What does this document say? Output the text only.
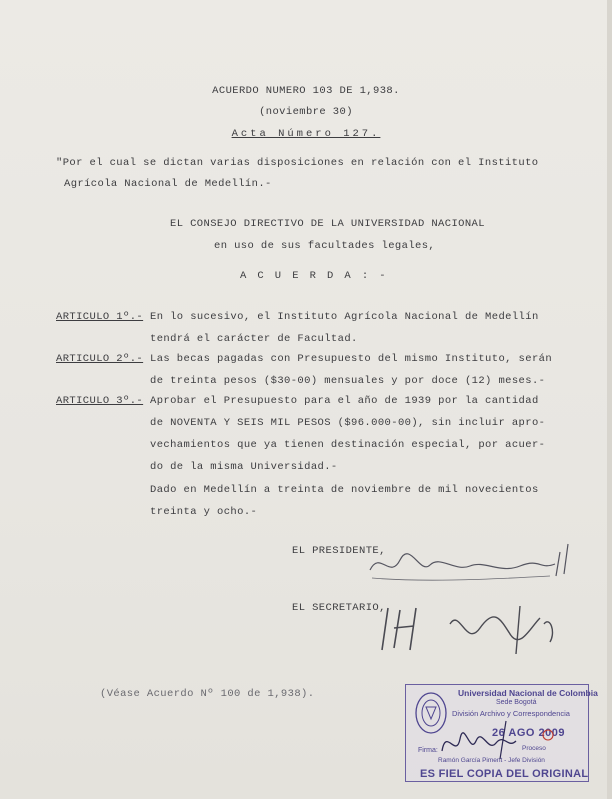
ACUERDO NUMERO 103 DE 1,938.
(noviembre 30)
Acta Número 127.
"Por el cual se dictan varias disposiciones en relación con el Instituto
Agrícola Nacional de Medellín.-
EL CONSEJO DIRECTIVO DE LA UNIVERSIDAD NACIONAL
en uso de sus facultades legales,
A C U E R D A : -
ARTICULO 1º.- En lo sucesivo, el Instituto Agrícola Nacional de Medellín
tendrá el carácter de Facultad.
ARTICULO 2º.- Las becas pagadas con Presupuesto del mismo Instituto, serán
de treinta pesos ($30-00) mensuales y por doce (12) meses.-
ARTICULO 3º.- Aprobar el Presupuesto para el año de 1939 por la cantidad
de NOVENTA Y SEIS MIL PESOS ($96.000-00), sin incluir apro-
vechamientos que ya tienen destinación especial, por acuer-
do de la misma Universidad.-
Dado en Medellín a treinta de noviembre de mil novecientos
treinta y ocho.-
EL PRESIDENTE,
EL SECRETARIO,
(Véase Acuerdo Nº 100 de 1,938).	Universidad Nacional de Colombia
Sede Bogotá
División Archivo y Correspondencia
26 AGO 2009
Firma:	Proceso
Ramón García Piment - Jefe División
ES FIEL COPIA DEL ORIGINAL
